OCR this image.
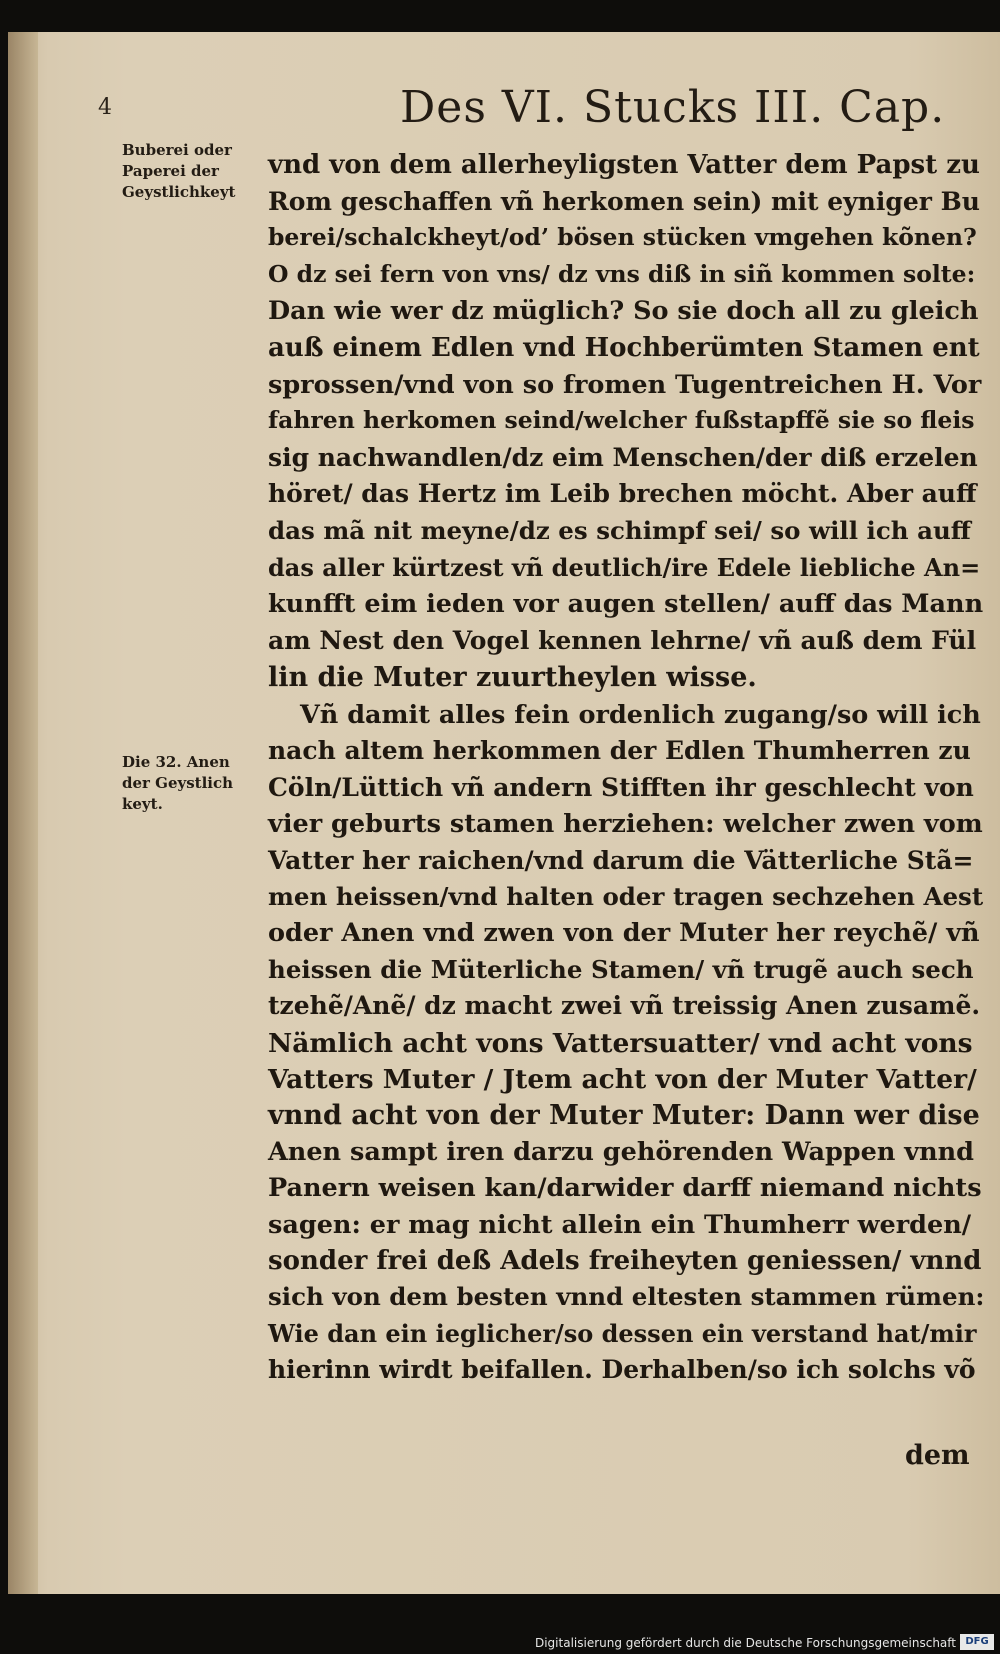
4	Des VI. Stucks III. Cap.
Buberei oder
Paperei der
Geystlichkeyt
Die 32. Anen
der Geystlich
keyt.
vnd von dem allerheyligsten Vatter dem Papst zu
Rom geschaffen vñ herkomen sein) mit eyniger Bu
berei/schalckheyt/od’ bösen stücken vmgehen kõnen?
O dz sei fern von vns/ dz vns diß in siñ kommen solte:
Dan wie wer dz müglich? So sie doch all zu gleich
auß einem Edlen vnd Hochberümten Stamen ent
sprossen/vnd von so fromen Tugentreichen H. Vor
fahren herkomen seind/welcher fußstapffẽ sie so fleis
sig nachwandlen/dz eim Menschen/der diß erzelen
höret/ das Hertz im Leib brechen möcht. Aber auff
das mã nit meyne/dz es schimpf sei/ so will ich auff
das aller kürtzest vñ deutlich/ire Edele liebliche An=
kunfft eim ieden vor augen stellen/ auff das Mann
am Nest den Vogel kennen lehrne/ vñ auß dem Fül
lin die Muter zuurtheylen wisse.
Vñ damit alles fein ordenlich zugang/so will ich
nach altem herkommen der Edlen Thumherren zu
Cöln/Lüttich vñ andern Stifften ihr geschlecht von
vier geburts stamen herziehen: welcher zwen vom
Vatter her raichen/vnd darum die Vätterliche Stã=
men heissen/vnd halten oder tragen sechzehen Aest
oder Anen vnd zwen von der Muter her reychẽ/ vñ
heissen die Müterliche Stamen/ vñ trugẽ auch sech
tzehẽ/Anẽ/ dz macht zwei vñ treissig Anen zusamẽ.
Nämlich acht vons Vattersuatter/ vnd acht vons
Vatters Muter / Jtem acht von der Muter Vatter/
vnnd acht von der Muter Muter: Dann wer dise
Anen sampt iren darzu gehörenden Wappen vnnd
Panern weisen kan/darwider darff niemand nichts
sagen: er mag nicht allein ein Thumherr werden/
sonder frei deß Adels freiheyten geniessen/ vnnd
sich von dem besten vnnd eltesten stammen rümen:
Wie dan ein ieglicher/so dessen ein verstand hat/mir
hierinn wirdt beifallen. Derhalben/so ich solchs võ
dem
Digitalisierung gefördert durch die Deutsche Forschungsgemeinschaft DFG
